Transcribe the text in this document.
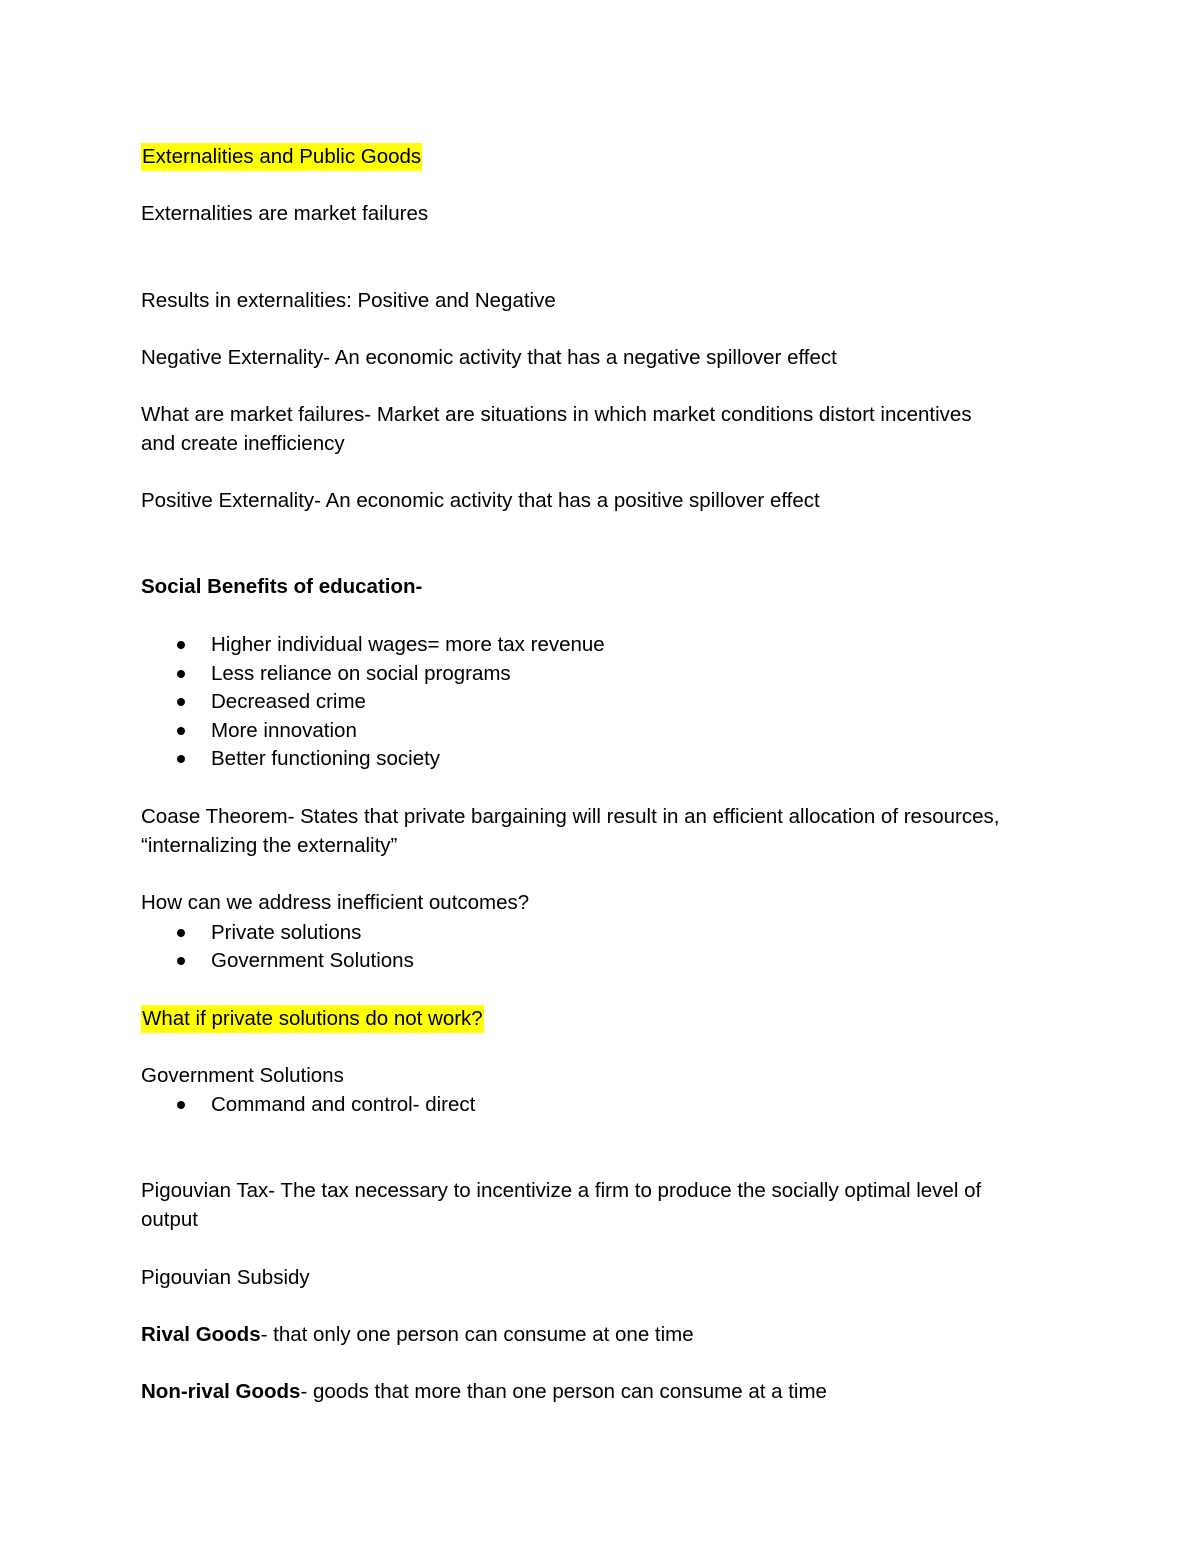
Externalities and Public Goods
Externalities are market failures
Results in externalities: Positive and Negative
Negative Externality- An economic activity that has a negative spillover effect
What are market failures- Market are situations in which market conditions distort incentives
and create inefficiency
Positive Externality- An economic activity that has a positive spillover effect
Social Benefits of education-
Higher individual wages= more tax revenue
Less reliance on social programs
Decreased crime
More innovation
Better functioning society
Coase Theorem- States that private bargaining will result in an efficient allocation of resources,
“internalizing the externality”
How can we address inefficient outcomes?
Private solutions
Government Solutions
What if private solutions do not work?
Government Solutions
Command and control- direct
Pigouvian Tax- The tax necessary to incentivize a firm to produce the socially optimal level of
output
Pigouvian Subsidy
Rival Goods- that only one person can consume at one time
Non-rival Goods- goods that more than one person can consume at a time
